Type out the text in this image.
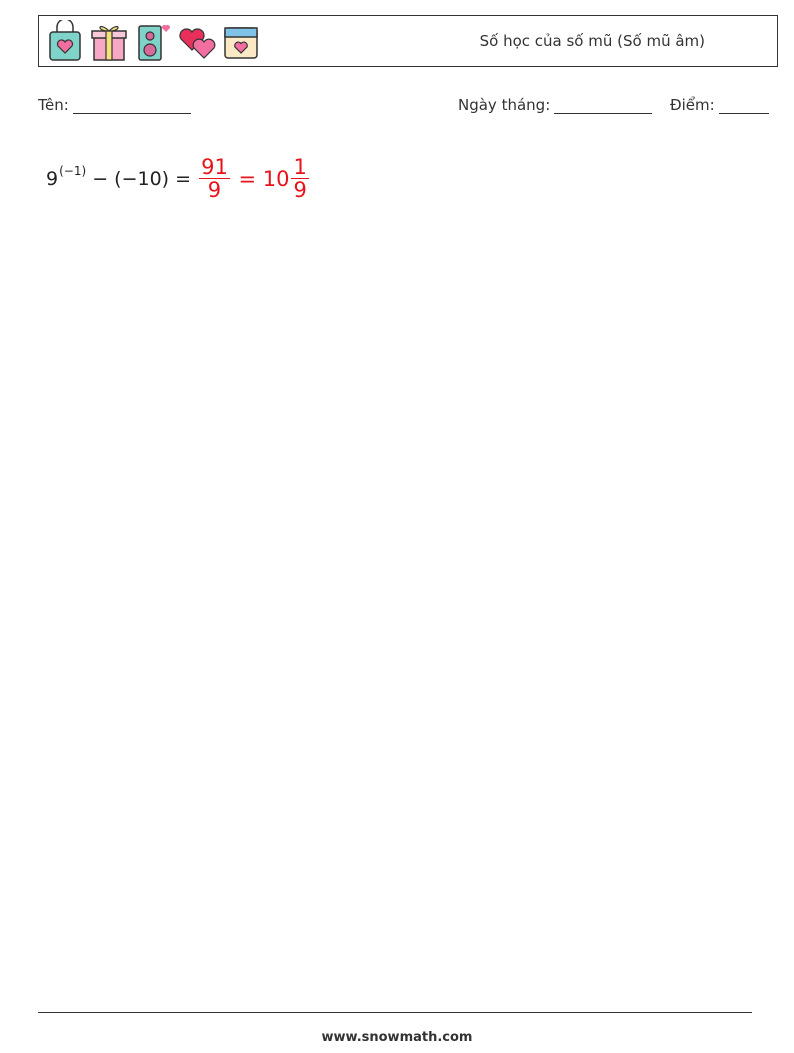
Số học của số mũ (Số mũ âm)
Tên:	Ngày tháng:	Điểm:
$9^{(-1)} - (-10) = \frac{91}{9} = 10 \frac{1}{9}$
www.snowmath.com
